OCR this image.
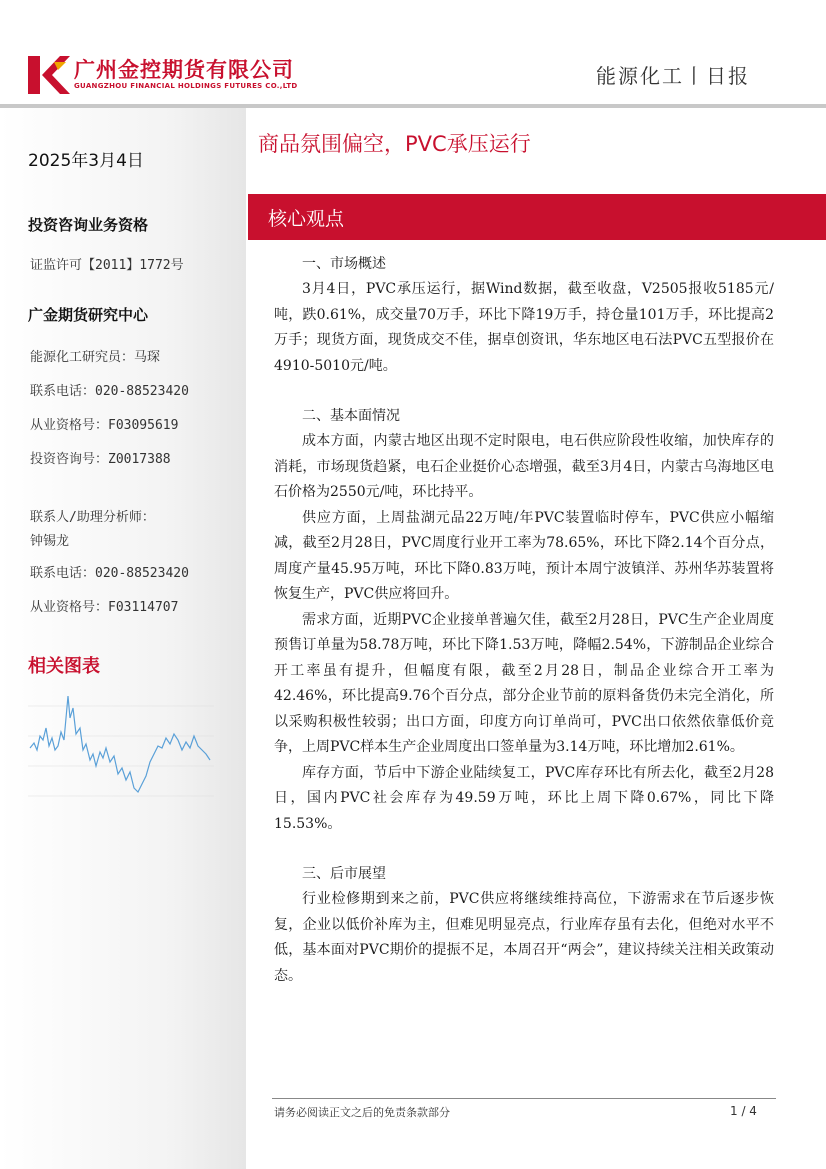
广州金控期货有限公司
GUANGZHOU FINANCIAL HOLDINGS FUTURES CO.,LTD	能源化工丨日报
2025年3月4日
投资咨询业务资格
证监许可【2011】1772号
广金期货研究中心
能源化工研究员：马琛
联系电话：020-88523420
从业资格号：F03095619
投资咨询号：Z0017388
联系人/助理分析师：
钟锡龙
联系电话：020-88523420
从业资格号：F03114707
相关图表
商品氛围偏空，PVC承压运行
核心观点

一、市场概述

3月4日，PVC承压运行，据Wind数据，截至收盘，V2505报收5185元/吨，跌0.61%，成交量70万手，环比下降19万手，持仓量101万手，环比提高2万手；现货方面，现货成交不佳，据卓创资讯，华东地区电石法PVC五型报价在4910-5010元/吨。

二、基本面情况

成本方面，内蒙古地区出现不定时限电，电石供应阶段性收缩，加快库存的消耗，市场现货趋紧，电石企业挺价心态增强，截至3月4日，内蒙古乌海地区电石价格为2550元/吨，环比持平。

供应方面，上周盐湖元品22万吨/年PVC装置临时停车，PVC供应小幅缩减，截至2月28日，PVC周度行业开工率为78.65%，环比下降2.14个百分点，周度产量45.95万吨，环比下降0.83万吨，预计本周宁波镇洋、苏州华苏装置将恢复生产，PVC供应将回升。

需求方面，近期PVC企业接单普遍欠佳，截至2月28日，PVC生产企业周度预售订单量为58.78万吨，环比下降1.53万吨，降幅2.54%，下游制品企业综合开工率虽有提升，但幅度有限，截至2月28日，制品企业综合开工率为42.46%，环比提高9.76个百分点，部分企业节前的原料备货仍未完全消化，所以采购积极性较弱；出口方面，印度方向订单尚可，PVC出口依然依靠低价竞争，上周PVC样本生产企业周度出口签单量为3.14万吨，环比增加2.61%。

库存方面，节后中下游企业陆续复工，PVC库存环比有所去化，截至2月28日，国内PVC社会库存为49.59万吨，环比上周下降0.67%，同比下降15.53%。

三、后市展望

行业检修期到来之前，PVC供应将继续维持高位，下游需求在节后逐步恢复，企业以低价补库为主，但难见明显亮点，行业库存虽有去化，但绝对水平不低，基本面对PVC期价的提振不足，本周召开“两会”，建议持续关注相关政策动态。

请务必阅读正文之后的免责条款部分	1 / 4
